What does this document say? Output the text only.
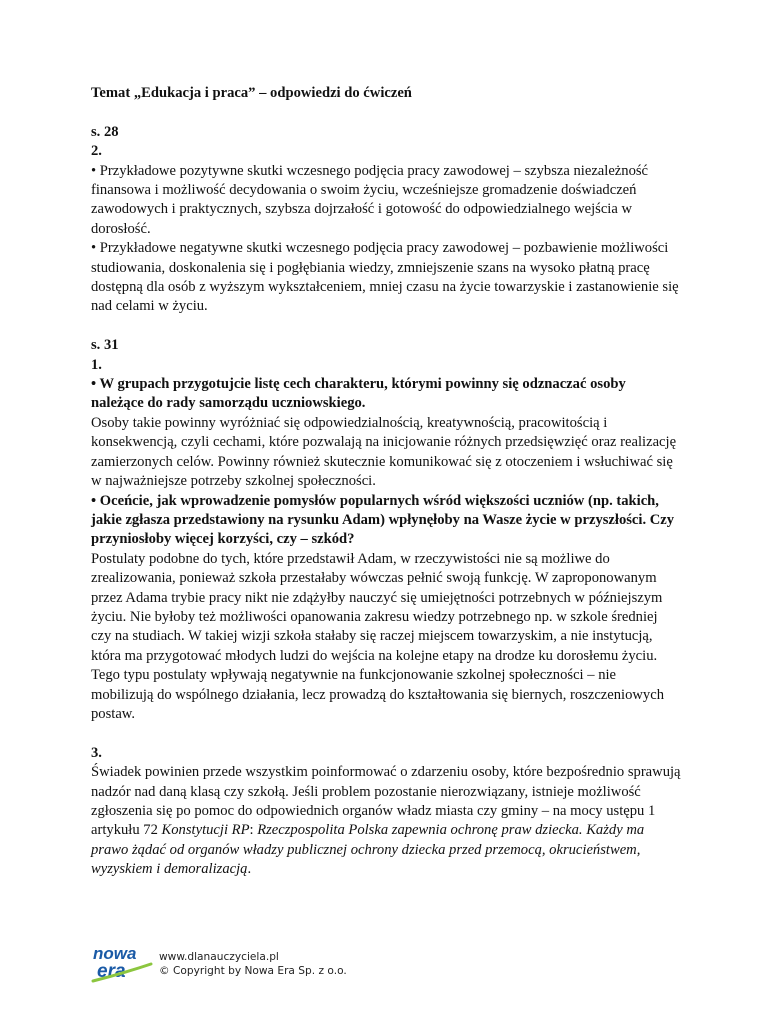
Temat „Edukacja i praca” – odpowiedzi do ćwiczeń

s. 28

2.

• Przykładowe pozytywne skutki wczesnego podjęcia pracy zawodowej – szybsza niezależność finansowa i możliwość decydowania o swoim życiu, wcześniejsze gromadzenie doświadczeń zawodowych i praktycznych, szybsza dojrzałość i gotowość do odpowiedzialnego wejścia w dorosłość.

• Przykładowe negatywne skutki wczesnego podjęcia pracy zawodowej – pozbawienie możliwości studiowania, doskonalenia się i pogłębiania wiedzy, zmniejszenie szans na wysoko płatną pracę dostępną dla osób z wyższym wykształceniem, mniej czasu na życie towarzyskie i zastanowienie się nad celami w życiu.

s. 31

1.

• W grupach przygotujcie listę cech charakteru, którymi powinny się odznaczać osoby należące do rady samorządu uczniowskiego.

Osoby takie powinny wyróżniać się odpowiedzialnością, kreatywnością, pracowitością i konsekwencją, czyli cechami, które pozwalają na inicjowanie różnych przedsięwzięć oraz realizację zamierzonych celów. Powinny również skutecznie komunikować się z otoczeniem i wsłuchiwać się w najważniejsze potrzeby szkolnej społeczności.

• Oceńcie, jak wprowadzenie pomysłów popularnych wśród większości uczniów (np. takich, jakie zgłasza przedstawiony na rysunku Adam) wpłynęłoby na Wasze życie w przyszłości. Czy przyniosłoby więcej korzyści, czy – szkód?

Postulaty podobne do tych, które przedstawił Adam, w rzeczywistości nie są możliwe do zrealizowania, ponieważ szkoła przestałaby wówczas pełnić swoją funkcję. W zaproponowanym przez Adama trybie pracy nikt nie zdążyłby nauczyć się umiejętności potrzebnych w późniejszym życiu. Nie byłoby też możliwości opanowania zakresu wiedzy potrzebnego np. w szkole średniej czy na studiach. W takiej wizji szkoła stałaby się raczej miejscem towarzyskim, a nie instytucją, która ma przygotować młodych ludzi do wejścia na kolejne etapy na drodze ku dorosłemu życiu. Tego typu postulaty wpływają negatywnie na funkcjonowanie szkolnej społeczności – nie mobilizują do wspólnego działania, lecz prowadzą do kształtowania się biernych, roszczeniowych postaw.

3.

Świadek powinien przede wszystkim poinformować o zdarzeniu osoby, które bezpośrednio sprawują nadzór nad daną klasą czy szkołą. Jeśli problem pozostanie nierozwiązany, istnieje możliwość zgłoszenia się po pomoc do odpowiednich organów władz miasta czy gminy – na mocy ustępu 1 artykułu 72 Konstytucji RP: Rzeczpospolita Polska zapewnia ochronę praw dziecka. Każdy ma prawo żądać od organów władzy publicznej ochrony dziecka przed przemocą, okrucieństwem, wyzyskiem i demoralizacją.

nowa
era
www.dlanauczyciela.pl
© Copyright by Nowa Era Sp. z o.o.
